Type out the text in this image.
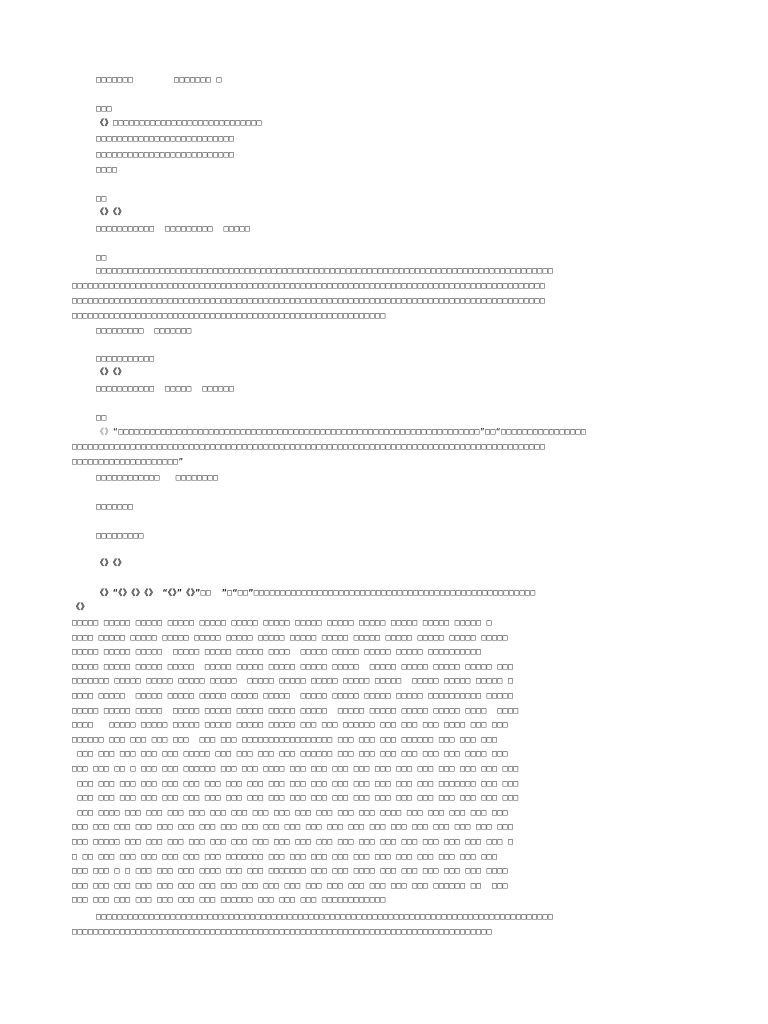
□□□□□□□	□□□□□□□ □
□□□
《》□□□□□□□□□□□□□□□□□□□□□□□□□□□□
□□□□□□□□□□□□□□□□□□□□□□□□□□
□□□□□□□□□□□□□□□□□□□□□□□□□□
□□□□
□□
《》《》
□□□□□□□□□□□  □□□□□□□□□  □□□□□
□□
□□□□□□□□□□□□□□□□□□□□□□□□□□□□□□□□□□□□□□□□□□□□□□□□□□□□□□□□□□□□□□□□□□□□□□□□□□□□□□□□□□□□□□
□□□□□□□□□□□□□□□□□□□□□□□□□□□□□□□□□□□□□□□□□□□□□□□□□□□□□□□□□□□□□□□□□□□□□□□□□□□□□□□□□□□□□□□□□
□□□□□□□□□□□□□□□□□□□□□□□□□□□□□□□□□□□□□□□□□□□□□□□□□□□□□□□□□□□□□□□□□□□□□□□□□□□□□□□□□□□□□□□□□
□□□□□□□□□□□□□□□□□□□□□□□□□□□□□□□□□□□□□□□□□□□□□□□□□□□□□□□□□□□
□□□□□□□□□  □□□□□□□
□□□□□□□□□□□
《》《》
□□□□□□□□□□□  □□□□□  □□□□□□
□□
《》“□□□□□□□□□□□□□□□□□□□□□□□□□□□□□□□□□□□□□□□□□□□□□□□□□□□□□□□□□□□□□□□□□□□□”□□“□□□□□□□□□□□□□□□□
□□□□□□□□□□□□□□□□□□□□□□□□□□□□□□□□□□□□□□□□□□□□□□□□□□□□□□□□□□□□□□□□□□□□□□□□□□□□□□□□□□□□□□□□□
□□□□□□□□□□□□□□□□□□□□”
□□□□□□□□□□□□   □□□□□□□□
□□□□□□□
□□□□□□□□□
《》《》
《》“《》《》《》 “《》”《》”□□  ”□“□□”□□□□□□□□□□□□□□□□□□□□□□□□□□□□□□□□□□□□□□□□□□□□□□□□□□□□□
《》
□□□□□ □□□□□ □□□□□ □□□□□ □□□□□ □□□□□ □□□□□ □□□□□ □□□□□ □□□□□ □□□□□ □□□□□ □□□□□ □
□□□□ □□□□□ □□□□□ □□□□□ □□□□□ □□□□□ □□□□□ □□□□□ □□□□□ □□□□□ □□□□□ □□□□□ □□□□□ □□□□□
□□□□□ □□□□□ □□□□□  □□□□□ □□□□□ □□□□□ □□□□  □□□□□ □□□□□ □□□□□ □□□□□ □□□□□□□□□□
□□□□□ □□□□□ □□□□□ □□□□□  □□□□□ □□□□□ □□□□□ □□□□□ □□□□□  □□□□□ □□□□□ □□□□□ □□□□□ □□□
□□□□□□□ □□□□□ □□□□□ □□□□□ □□□□□  □□□□□ □□□□□ □□□□□ □□□□□ □□□□□  □□□□□ □□□□□ □□□□□ □
□□□□ □□□□□  □□□□□ □□□□□ □□□□□ □□□□□ □□□□□  □□□□□ □□□□□ □□□□□ □□□□□ □□□□□□□□□□ □□□□□
□□□□□ □□□□□ □□□□□  □□□□□ □□□□□ □□□□□ □□□□□ □□□□□  □□□□□ □□□□□ □□□□□ □□□□□ □□□□  □□□□
□□□□   □□□□□ □□□□□ □□□□□ □□□□□ □□□□□ □□□□□ □□□ □□□ □□□□□□ □□□ □□□ □□□ □□□□ □□□ □□□
□□□□□□ □□□ □□□ □□□ □□□  □□□ □□□ □□□□□□□□□□□□□□□□□ □□□ □□□ □□□ □□□□□□ □□□ □□□ □□□
□□□ □□□ □□□ □□□ □□□ □□□□□ □□□ □□□ □□□ □□□ □□□□□□ □□□ □□□ □□□ □□□ □□□ □□□ □□□□ □□□
□□□ □□□ □□ □ □□□ □□□ □□□□□□ □□□ □□□ □□□□ □□□ □□□ □□□ □□□ □□□ □□□ □□□ □□□ □□□ □□□ □□□
□□□ □□□ □□□ □□□ □□□ □□□ □□□ □□□ □□□ □□□ □□□ □□□ □□□ □□□ □□□ □□□ □□□ □□□□□□□ □□□ □□□
□□□ □□□ □□□ □□□ □□□ □□□ □□□ □□□ □□□ □□□ □□□ □□□ □□□ □□□ □□□ □□□ □□□ □□□ □□□ □□□ □□□
□□□ □□□□ □□□ □□□ □□□ □□□ □□□ □□□ □□□ □□□ □□□ □□□ □□□ □□□ □□□□ □□□ □□□ □□□ □□□ □□□
□□□ □□□ □□□ □□□ □□□ □□□ □□□ □□□ □□□ □□□ □□□ □□□ □□□ □□□ □□□ □□□ □□□ □□□ □□□ □□□ □□□
□□□ □□□□□ □□□ □□□ □□□ □□□ □□□ □□□ □□□ □□□ □□□ □□□ □□□ □□□ □□□ □□□ □□□ □□□ □□□ □□□ □
□ □□ □□□ □□□ □□□ □□□ □□□ □□□ □□□□□□□ □□□ □□□ □□□ □□□ □□□ □□□ □□□ □□□ □□□ □□□ □□□
□□□ □□□ □ □ □□□ □□□ □□□ □□□□ □□□ □□□ □□□□□□□ □□□ □□□ □□□□ □□□ □□□ □□□ □□□ □□□ □□□□
□□□ □□□ □□□ □□□ □□□ □□□ □□□ □□□ □□□ □□□ □□□ □□□ □□□ □□□ □□□ □□□ □□□ □□□□□□ □□  □□□
□□□ □□□ □□□ □□□ □□□ □□□ □□□ □□□□□□ □□□ □□□ □□□ □□□□□□□□□□□□
□□□□□□□□□□□□□□□□□□□□□□□□□□□□□□□□□□□□□□□□□□□□□□□□□□□□□□□□□□□□□□□□□□□□□□□□□□□□□□□□□□□□□□
□□□□□□□□□□□□□□□□□□□□□□□□□□□□□□□□□□□□□□□□□□□□□□□□□□□□□□□□□□□□□□□□□□□□□□□□□□□□□□□
